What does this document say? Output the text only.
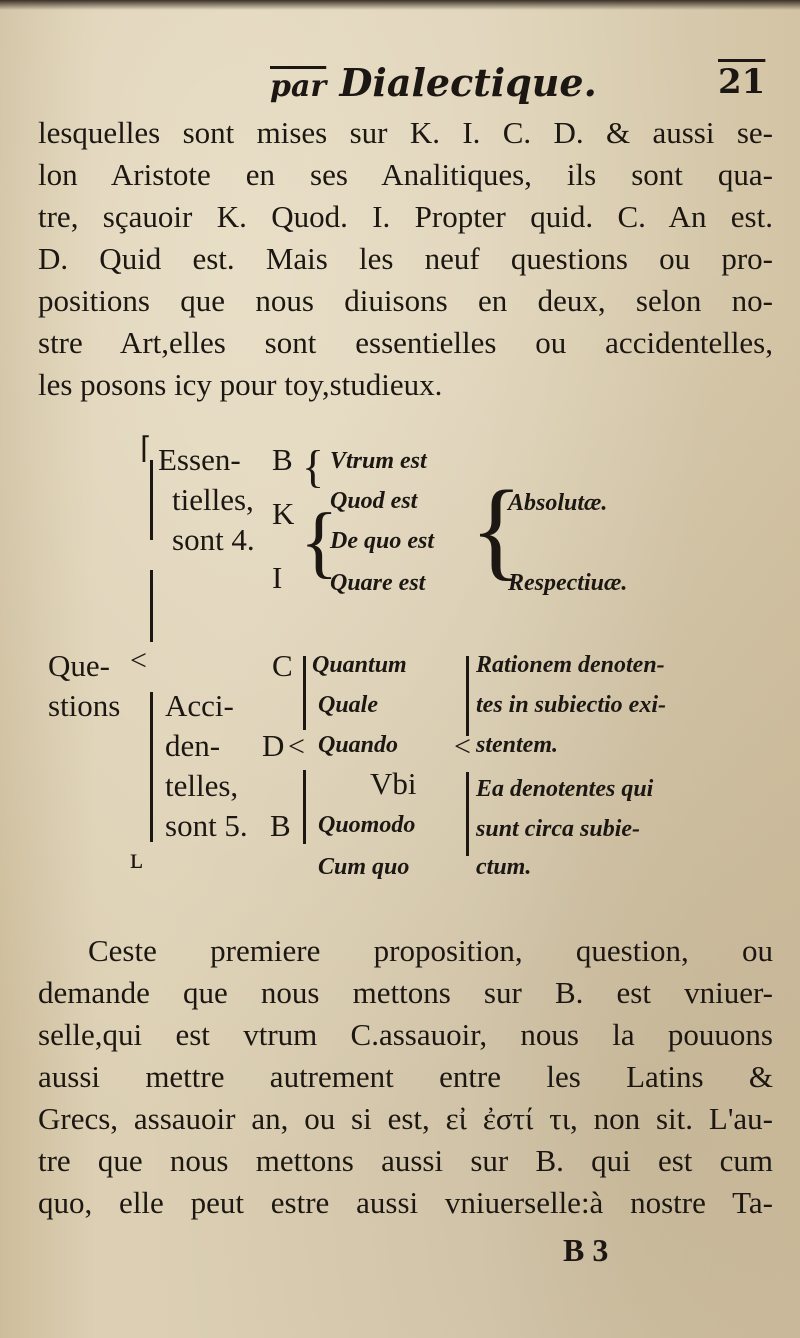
$\overline{par}$ Dialectique.	21
lesquelles sont mises sur K. I. C. D. & aussi se-
lon Aristote en ses Analitiques, ils sont qua-
tre, sçauoir K. Quod. I. Propter quid. C. An est.
D. Quid est. Mais les neuf questions ou pro-
positions que nous diuisons en deux, selon no-
stre Art,elles sont essentielles ou accidentelles,
les posons icy pour toy,studieux.
Que-
stions
<
⌈
ʟ
Essen-
tielles,
sont 4.
B
K
I
{
{
Vtrum est
Quod est
De quo est
Quare est {
Absolutæ.
Respectiuæ.
Acci-
den-
telles,
sont 5.
C
D
B
<
Quantum
Quale
Quando
Vbi
Quomodo
Cum quo
<
Rationem denoten-
tes in subiectio exi-
stentem.
Ea denotentes qui
sunt circa subie-
ctum.
Ceste premiere proposition, question, ou
demande que nous mettons sur B. est vniuer-
selle,qui est vtrum C.assauoir, nous la pouuons
aussi mettre autrement entre les Latins &
Grecs, assauoir an, ou si est, εἰ ἐστί τι, non sit. L'au-
tre que nous mettons aussi sur B. qui est cum
quo, elle peut estre aussi vniuerselle:à nostre Ta-
B 3
